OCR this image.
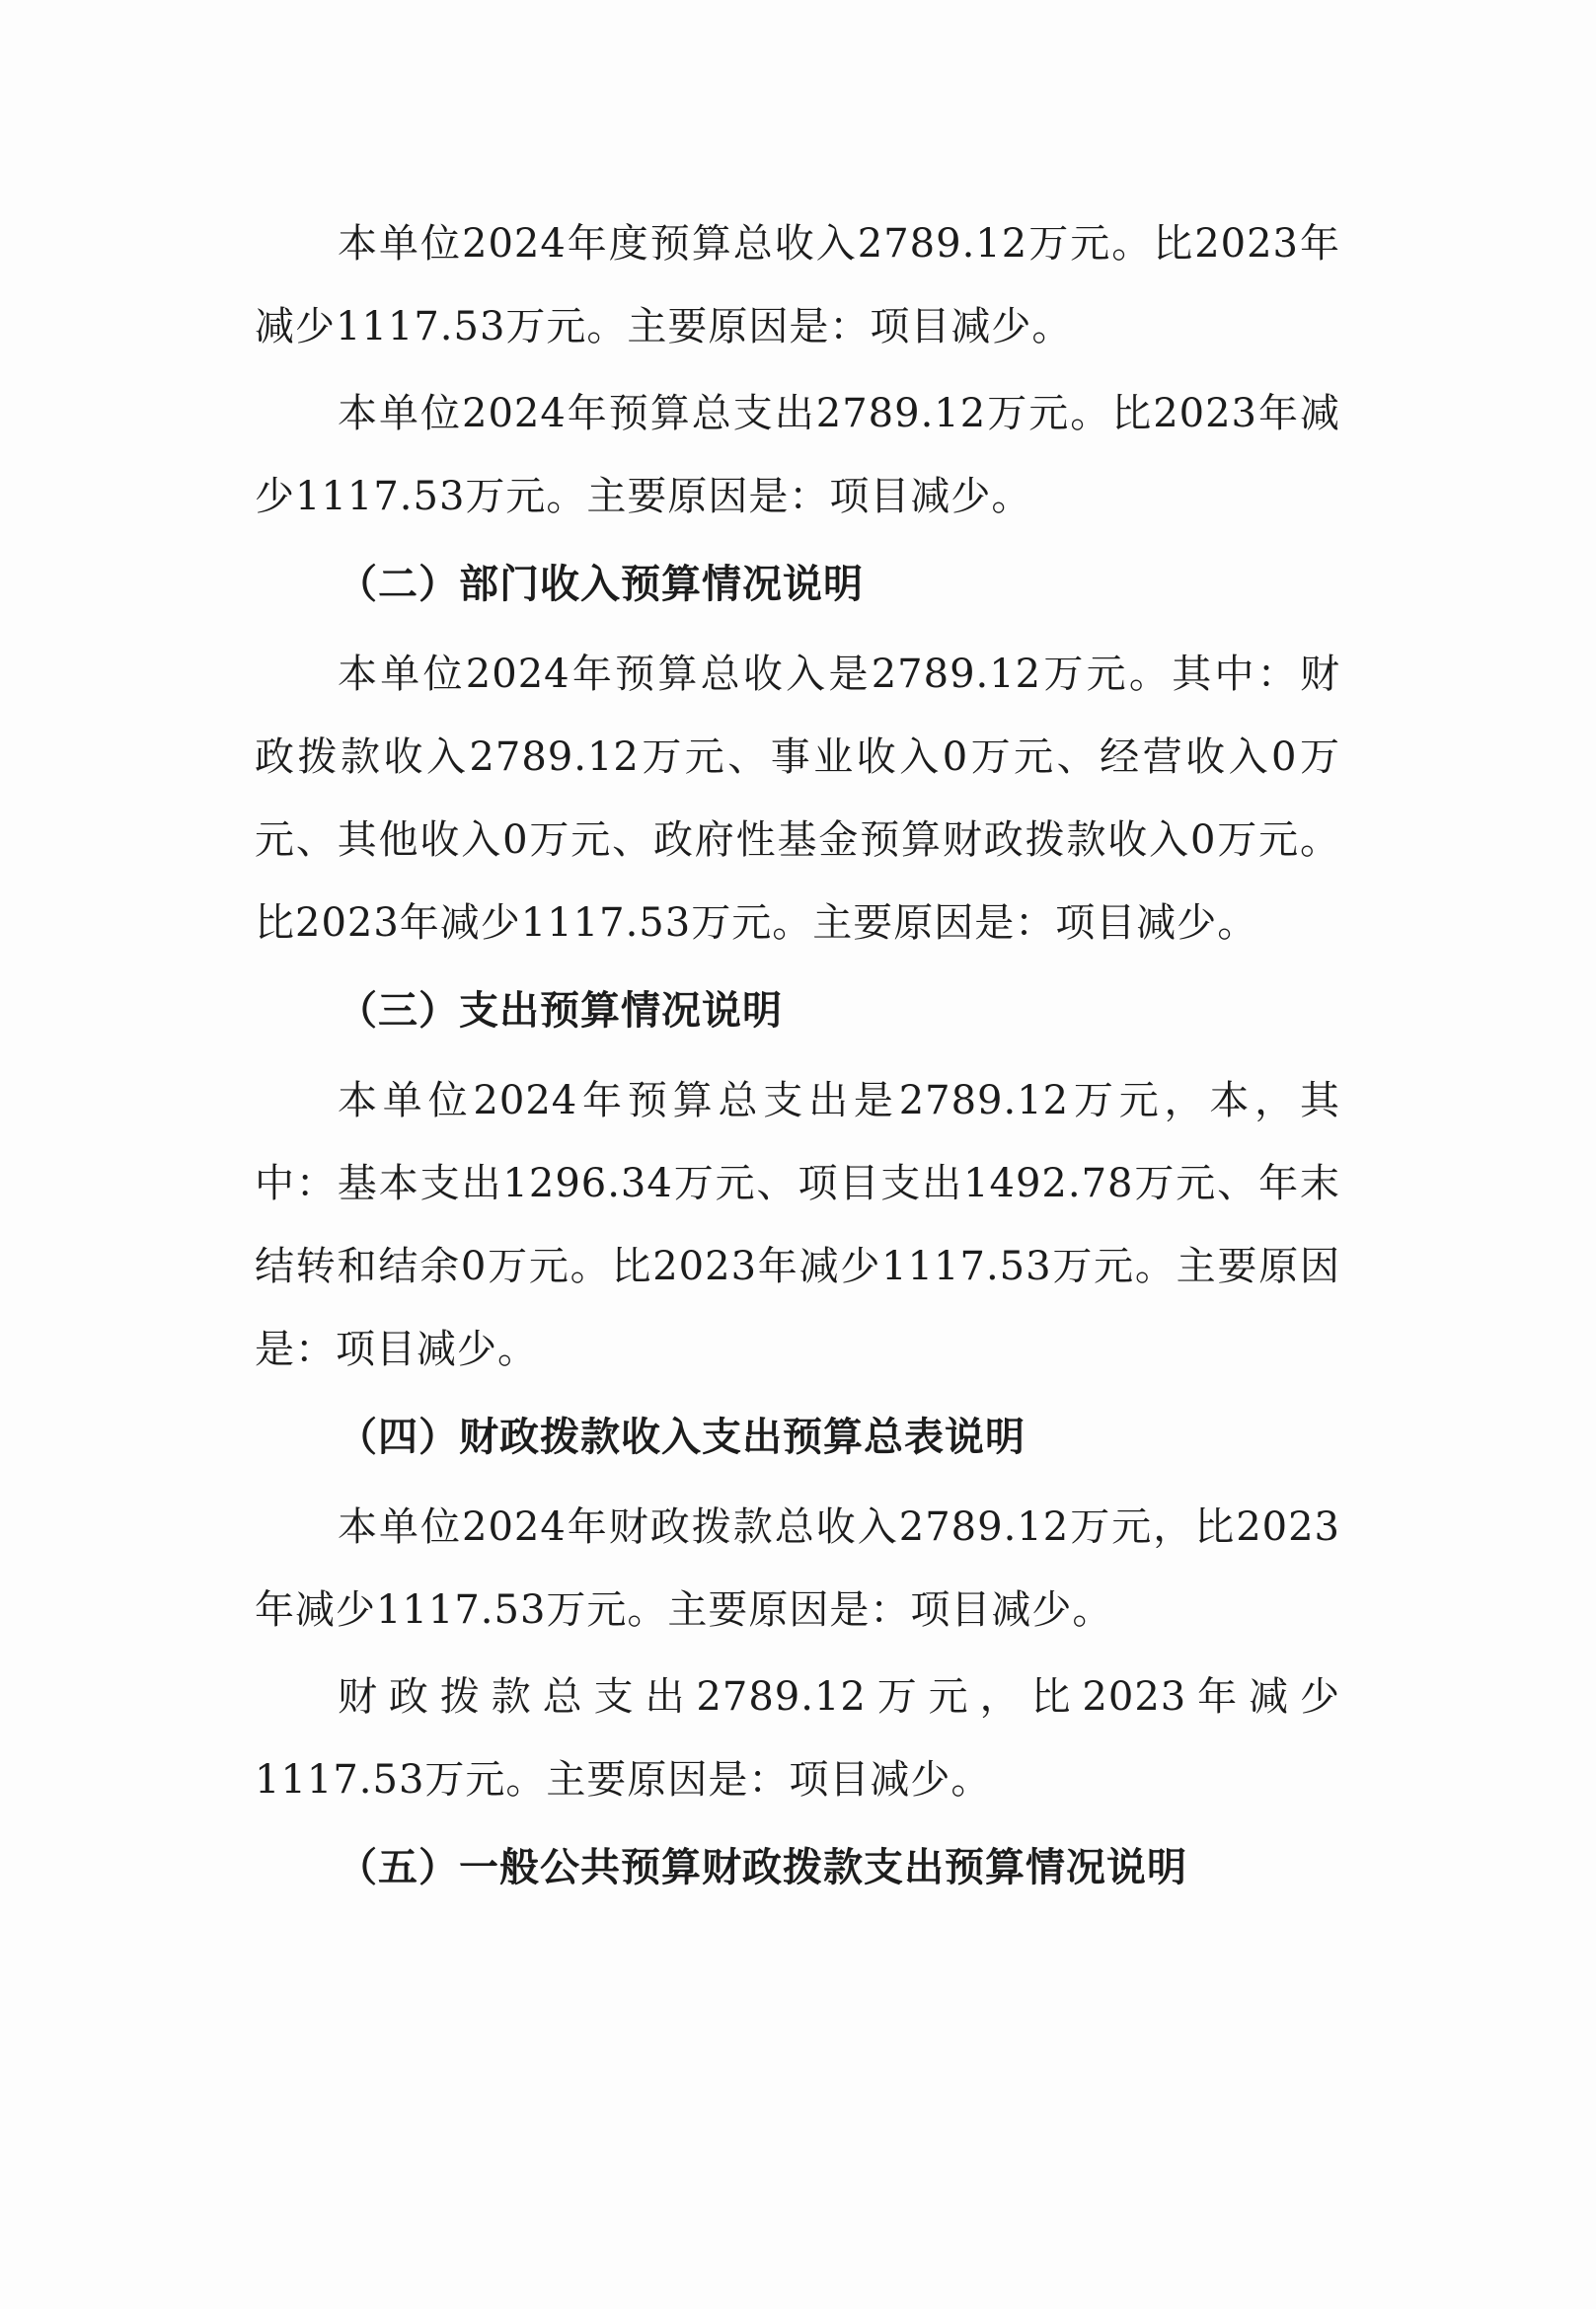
本单位2024年度预算总收入2789.12万元。比2023年减少1117.53万元。主要原因是：项目减少。

本单位2024年预算总支出2789.12万元。比2023年减少1117.53万元。主要原因是：项目减少。

（二）部门收入预算情况说明

本单位2024年预算总收入是2789.12万元。其中：财政拨款收入2789.12万元、事业收入0万元、经营收入0万元、其他收入0万元、政府性基金预算财政拨款收入0万元。比2023年减少1117.53万元。主要原因是：项目减少。

（三）支出预算情况说明

本单位2024年预算总支出是2789.12万元，本，其中：基本支出1296.34万元、项目支出1492.78万元、年末结转和结余0万元。比2023年减少1117.53万元。主要原因是：项目减少。

（四）财政拨款收入支出预算总表说明

本单位2024年财政拨款总收入2789.12万元，比2023年减少1117.53万元。主要原因是：项目减少。

财政拨款总支出2789.12万元，比2023年减少1117.53万元。主要原因是：项目减少。

（五）一般公共预算财政拨款支出预算情况说明
